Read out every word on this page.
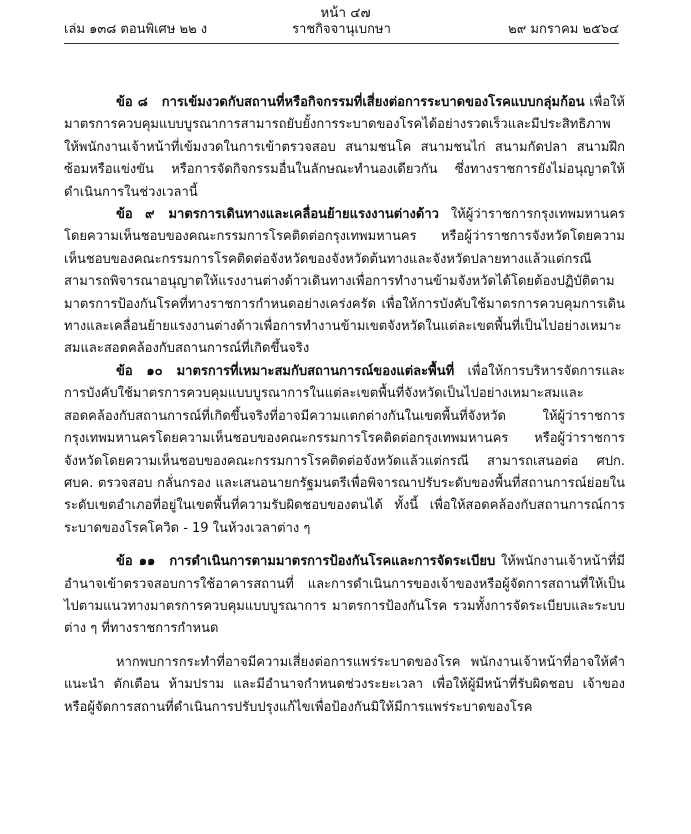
หน้า ๔๗
เล่ม ๑๓๘ ตอนพิเศษ ๒๒ ง	ราชกิจจานุเบกษา	๒๙ มกราคม ๒๕๖๔

ข้อ ๘ การเข้มงวดกับสถานที่หรือกิจกรรมที่เสี่ยงต่อการระบาดของโรคแบบกลุ่มก้อน เพื่อให้มาตรการควบคุมแบบบูรณาการสามารถยับยั้งการระบาดของโรคได้อย่างรวดเร็วและมีประสิทธิภาพ ให้พนักงานเจ้าหน้าที่เข้มงวดในการเข้าตรวจสอบ สนามชนโค สนามชนไก่ สนามกัดปลา สนามฝึกซ้อมหรือแข่งขัน หรือการจัดกิจกรรมอื่นในลักษณะทำนองเดียวกัน ซึ่งทางราชการยังไม่อนุญาตให้ดำเนินการในช่วงเวลานี้

ข้อ ๙ มาตรการเดินทางและเคลื่อนย้ายแรงงานต่างด้าว ให้ผู้ว่าราชการกรุงเทพมหานครโดยความเห็นชอบของคณะกรรมการโรคติดต่อกรุงเทพมหานคร หรือผู้ว่าราชการจังหวัดโดยความเห็นชอบของคณะกรรมการโรคติดต่อจังหวัดของจังหวัดต้นทางและจังหวัดปลายทางแล้วแต่กรณี สามารถพิจารณาอนุญาตให้แรงงานต่างด้าวเดินทางเพื่อการทำงานข้ามจังหวัดได้โดยต้องปฏิบัติตามมาตรการป้องกันโรคที่ทางราชการกำหนดอย่างเคร่งครัด เพื่อให้การบังคับใช้มาตรการควบคุมการเดินทางและเคลื่อนย้ายแรงงานต่างด้าวเพื่อการทำงานข้ามเขตจังหวัดในแต่ละเขตพื้นที่เป็นไปอย่างเหมาะสมและสอดคล้องกับสถานการณ์ที่เกิดขึ้นจริง

ข้อ ๑๐ มาตรการที่เหมาะสมกับสถานการณ์ของแต่ละพื้นที่ เพื่อให้การบริหารจัดการและการบังคับใช้มาตรการควบคุมแบบบูรณาการในแต่ละเขตพื้นที่จังหวัดเป็นไปอย่างเหมาะสมและสอดคล้องกับสถานการณ์ที่เกิดขึ้นจริงที่อาจมีความแตกต่างกันในเขตพื้นที่จังหวัด ให้ผู้ว่าราชการกรุงเทพมหานครโดยความเห็นชอบของคณะกรรมการโรคติดต่อกรุงเทพมหานคร หรือผู้ว่าราชการจังหวัดโดยความเห็นชอบของคณะกรรมการโรคติดต่อจังหวัดแล้วแต่กรณี สามารถเสนอต่อ ศปก. ศบค. ตรวจสอบ กลั่นกรอง และเสนอนายกรัฐมนตรีเพื่อพิจารณาปรับระดับของพื้นที่สถานการณ์ย่อยในระดับเขตอำเภอที่อยู่ในเขตพื้นที่ความรับผิดชอบของตนได้ ทั้งนี้ เพื่อให้สอดคล้องกับสถานการณ์การระบาดของโรคโควิด - 19 ในห้วงเวลาต่าง ๆ

ข้อ ๑๑ การดำเนินการตามมาตรการป้องกันโรคและการจัดระเบียบ ให้พนักงานเจ้าหน้าที่มีอำนาจเข้าตรวจสอบการใช้อาคารสถานที่ และการดำเนินการของเจ้าของหรือผู้จัดการสถานที่ให้เป็นไปตามแนวทางมาตรการควบคุมแบบบูรณาการ มาตรการป้องกันโรค รวมทั้งการจัดระเบียบและระบบต่าง ๆ ที่ทางราชการกำหนด

หากพบการกระทำที่อาจมีความเสี่ยงต่อการแพร่ระบาดของโรค พนักงานเจ้าหน้าที่อาจให้คำแนะนำ ตักเตือน ห้ามปราม และมีอำนาจกำหนดช่วงระยะเวลา เพื่อให้ผู้มีหน้าที่รับผิดชอบ เจ้าของ หรือผู้จัดการสถานที่ดำเนินการปรับปรุงแก้ไขเพื่อป้องกันมิให้มีการแพร่ระบาดของโรค
